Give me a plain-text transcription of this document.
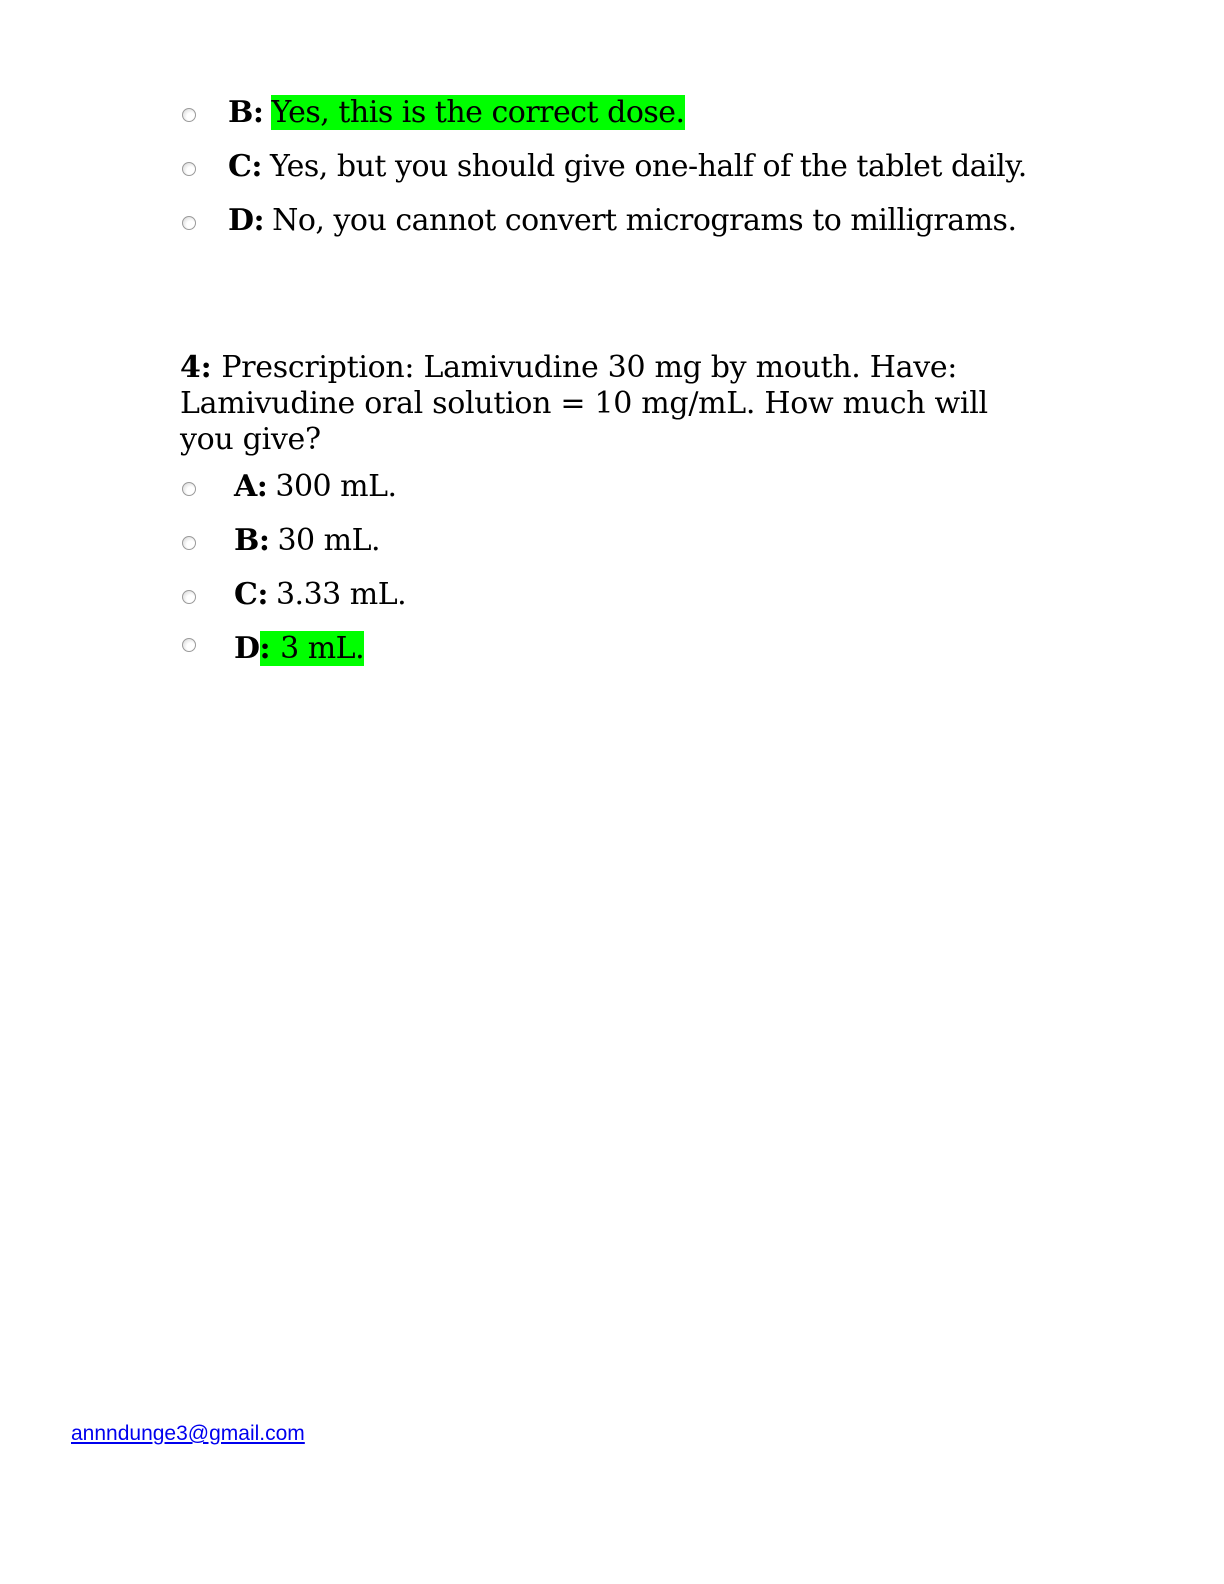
B: Yes, this is the correct dose.
C: Yes, but you should give one-half of the tablet daily.
D: No, you cannot convert micrograms to milligrams.
4: Prescription: Lamivudine 30 mg by mouth. Have: Lamivudine oral solution = 10 mg/mL. How much will you give?
A: 300 mL.
B: 30 mL.
C: 3.33 mL.
D: 3 mL.
annndunge3@gmail.com
